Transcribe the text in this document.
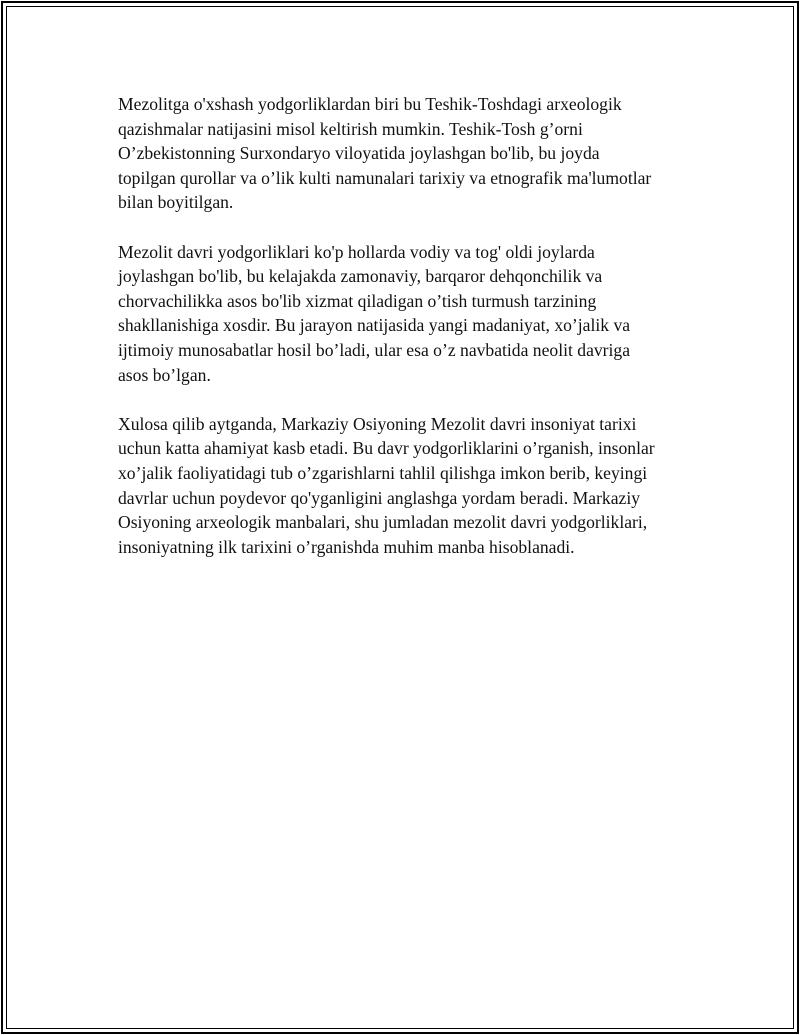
Mezolitga o'xshash yodgorliklardan biri bu Teshik-Toshdagi arxeologik
qazishmalar natijasini misol keltirish mumkin. Teshik-Tosh g’orni
O’zbekistonning Surxondaryo viloyatida joylashgan bo'lib, bu joyda
topilgan qurollar va o’lik kulti namunalari tarixiy va etnografik ma'lumotlar
bilan boyitilgan.

Mezolit davri yodgorliklari ko'p hollarda vodiy va tog' oldi joylarda
joylashgan bo'lib, bu kelajakda zamonaviy, barqaror dehqonchilik va
chorvachilikka asos bo'lib xizmat qiladigan o’tish turmush tarzining
shakllanishiga xosdir. Bu jarayon natijasida yangi madaniyat, xo’jalik va
ijtimoiy munosabatlar hosil bo’ladi, ular esa o’z navbatida neolit davriga
asos bo’lgan.

Xulosa qilib aytganda, Markaziy Osiyoning Mezolit davri insoniyat tarixi
uchun katta ahamiyat kasb etadi. Bu davr yodgorliklarini o’rganish, insonlar
xo’jalik faoliyatidagi tub o’zgarishlarni tahlil qilishga imkon berib, keyingi
davrlar uchun poydevor qo'yganligini anglashga yordam beradi. Markaziy
Osiyoning arxeologik manbalari, shu jumladan mezolit davri yodgorliklari,
insoniyatning ilk tarixini o’rganishda muhim manba hisoblanadi.
